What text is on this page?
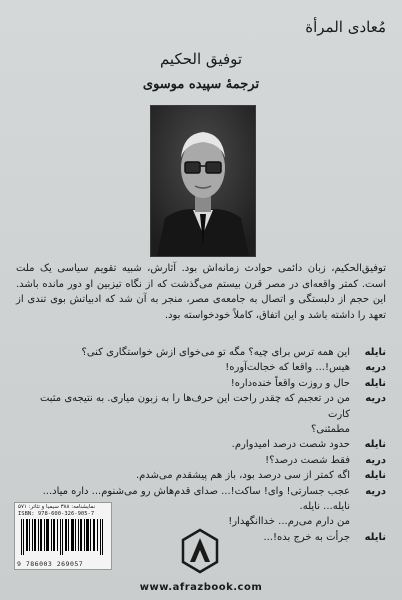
مُعادی المرأة
توفيق الحكيم
ترجمهٔ سپیده موسوی
توفیق‌الحکیم، زبان دائمی حوادث زمانه‌اش بود. آثارش، شبیه تقویم سیاسی یک ملت است. کمتر واقعه‌ای در مصر قرن بیستم می‌گذشت که از نگاه تیزبین او دور مانده باشد. این حجم از دلبستگی و اتصال به جامعه‌ی مصر، منجر به آن شد که ادبیاتش بوی تندی از تعهد را داشته باشد و این اتفاق، کاملاً خودخواسته بود.
نایله
این همه ترس برای چیه؟ مگه تو می‌خوای ازش خواستگاری کنی؟
دریه
هیس!... واقعا که خجالت‌آوره!
نایله
حال و روزت واقعاً خنده‌داره!
دریه
من در تعجبم که چقدر راحت این حرف‌ها را به زبون میاری. به نتیجه‌ی مثبت کارت
مطمئنی؟
نایله
حدود شصت درصد امیدوارم.
دریه
فقط شصت درصد؟!
نایله
اگه کمتر از سی درصد بود، باز هم پیشقدم می‌شدم.
دریه
عجب جسارتی! وای! ساکت!... صدای قدم‌هاش رو می‌شنوم... داره میاد... نایله... نایله.
من دارم می‌رم... خداانگهدار!
نایله
جرأت به خرج بده!...
نمایشنامه: ۳۸۸ سیمیا و تئاتر: ۵۷۱
ISBN: 978-600-326-905-7
9 786003 269057
www.afrazbook.com
